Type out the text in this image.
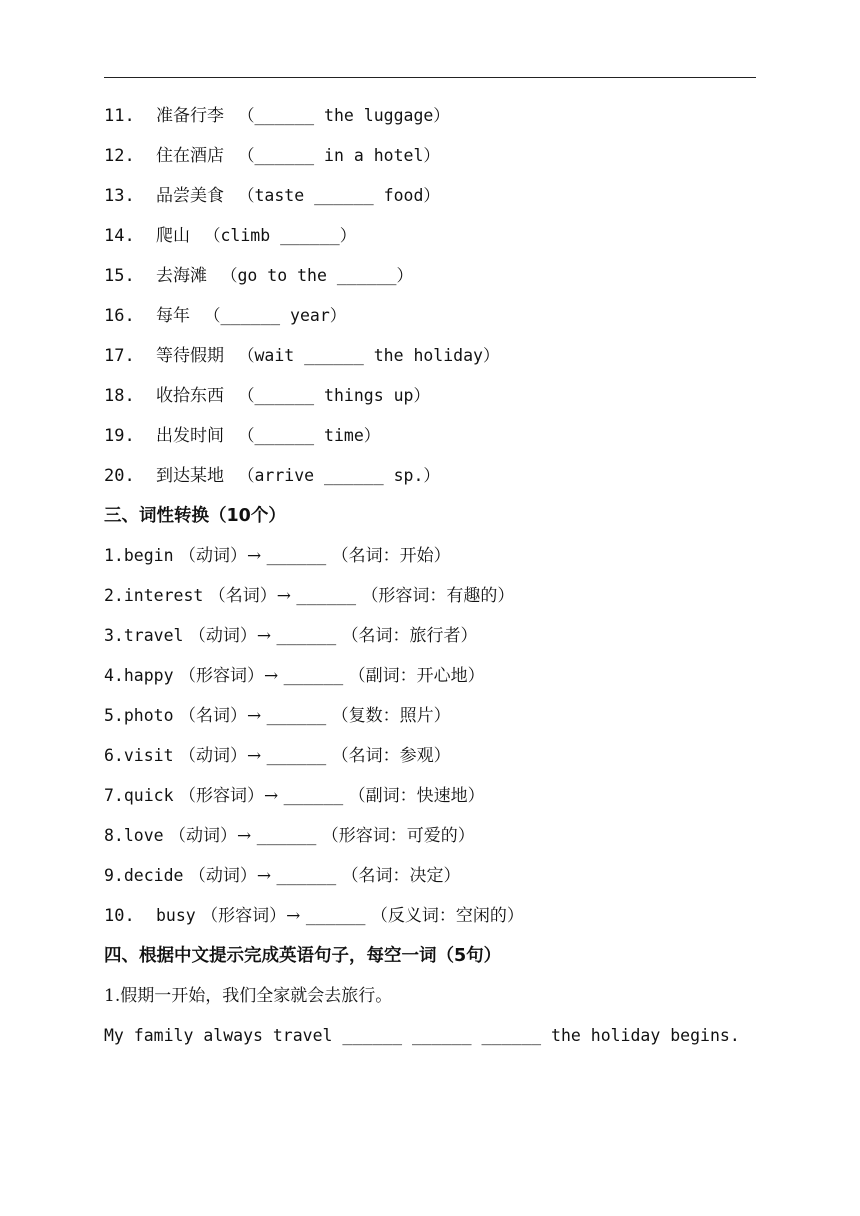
11. 准备行李 （______ the luggage）
12. 住在酒店 （______ in a hotel）
13. 品尝美食 （taste ______ food）
14. 爬山 （climb ______）
15. 去海滩 （go to the ______）
16. 每年 （______ year）
17. 等待假期 （wait ______ the holiday）
18. 收拾东西 （______ things up）
19. 出发时间 （______ time）
20. 到达某地 （arrive ______ sp.）
三、词性转换（10个）
1.begin （动词）→ ______ （名词：开始）
2.interest （名词）→ ______ （形容词：有趣的）
3.travel （动词）→ ______ （名词：旅行者）
4.happy （形容词）→ ______ （副词：开心地）
5.photo （名词）→ ______ （复数：照片）
6.visit （动词）→ ______ （名词：参观）
7.quick （形容词）→ ______ （副词：快速地）
8.love （动词）→ ______ （形容词：可爱的）
9.decide （动词）→ ______ （名词：决定）
10. busy （形容词）→ ______ （反义词：空闲的）
四、根据中文提示完成英语句子，每空一词（5句）
1.假期一开始，我们全家就会去旅行。
My family always travel ______ ______ ______ the holiday begins.
